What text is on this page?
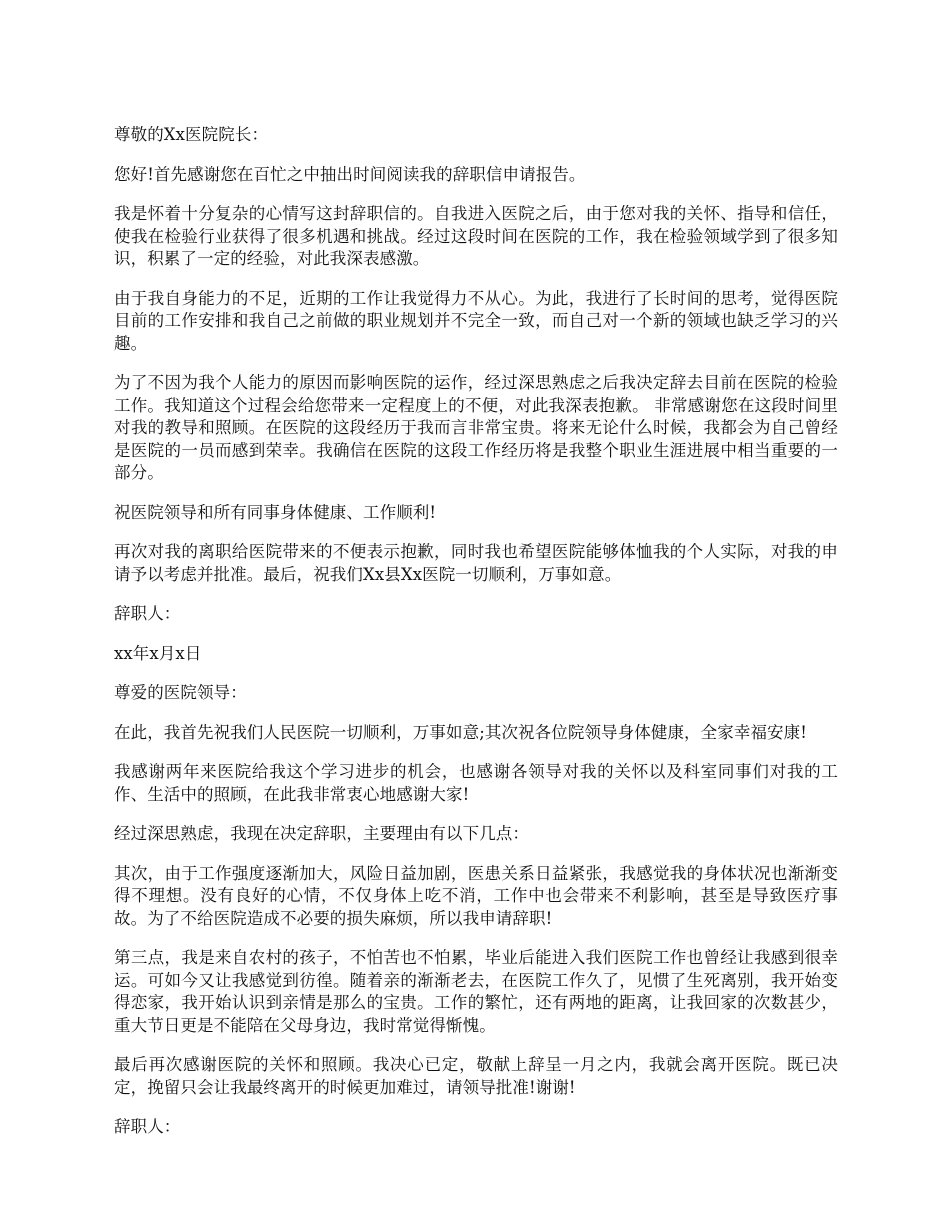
尊敬的Xx医院院长：

您好!首先感谢您在百忙之中抽出时间阅读我的辞职信申请报告。

我是怀着十分复杂的心情写这封辞职信的。自我进入医院之后，由于您对我的关怀、指导和信任，使我在检验行业获得了很多机遇和挑战。经过这段时间在医院的工作，我在检验领域学到了很多知识，积累了一定的经验，对此我深表感激。

由于我自身能力的不足，近期的工作让我觉得力不从心。为此，我进行了长时间的思考，觉得医院目前的工作安排和我自己之前做的职业规划并不完全一致，而自己对一个新的领域也缺乏学习的兴趣。

为了不因为我个人能力的原因而影响医院的运作，经过深思熟虑之后我决定辞去目前在医院的检验工作。我知道这个过程会给您带来一定程度上的不便，对此我深表抱歉。 非常感谢您在这段时间里对我的教导和照顾。在医院的这段经历于我而言非常宝贵。将来无论什么时候，我都会为自己曾经是医院的一员而感到荣幸。我确信在医院的这段工作经历将是我整个职业生涯进展中相当重要的一部分。

祝医院领导和所有同事身体健康、工作顺利!

再次对我的离职给医院带来的不便表示抱歉，同时我也希望医院能够体恤我的个人实际，对我的申请予以考虑并批准。最后，祝我们Xx县Xx医院一切顺利，万事如意。

辞职人：

xx年x月x日

尊爱的医院领导：

在此，我首先祝我们人民医院一切顺利，万事如意;其次祝各位院领导身体健康，全家幸福安康!

我感谢两年来医院给我这个学习进步的机会，也感谢各领导对我的关怀以及科室同事们对我的工作、生活中的照顾，在此我非常衷心地感谢大家!

经过深思熟虑，我现在决定辞职，主要理由有以下几点：

其次，由于工作强度逐渐加大，风险日益加剧，医患关系日益紧张，我感觉我的身体状况也渐渐变得不理想。没有良好的心情，不仅身体上吃不消，工作中也会带来不利影响，甚至是导致医疗事故。为了不给医院造成不必要的损失麻烦，所以我申请辞职!

第三点，我是来自农村的孩子，不怕苦也不怕累，毕业后能进入我们医院工作也曾经让我感到很幸运。可如今又让我感觉到彷徨。随着亲的渐渐老去，在医院工作久了，见惯了生死离别，我开始变得恋家，我开始认识到亲情是那么的宝贵。工作的繁忙，还有两地的距离，让我回家的次数甚少，重大节日更是不能陪在父母身边，我时常觉得惭愧。

最后再次感谢医院的关怀和照顾。我决心已定，敬献上辞呈一月之内，我就会离开医院。既已决定，挽留只会让我最终离开的时候更加难过，请领导批准!谢谢!

辞职人：
